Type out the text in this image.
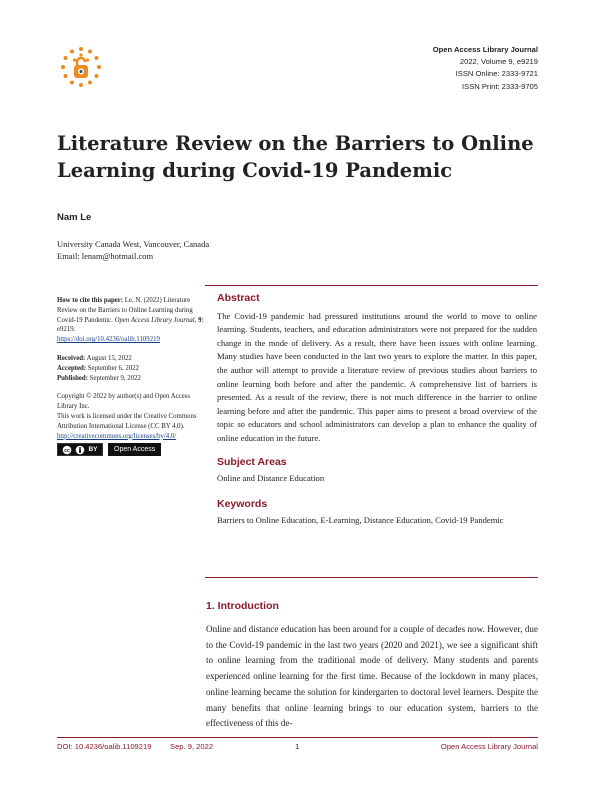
Open Access Library Journal
2022, Volume 9, e9219
ISSN Online: 2333-9721
ISSN Print: 2333-9705
Literature Review on the Barriers to Online
Learning during Covid-19 Pandemic
Nam Le
University Canada West, Vancouver, Canada
Email: lenam@hotmail.com

How to cite this paper: Le, N. (2022) Literature Review on the Barriers to Online Learning during Covid-19 Pandemic. Open Access Library Journal, 9: e9219.
https://doi.org/10.4236/oalib.1109219

Received: August 15, 2022
Accepted: September 6, 2022
Published: September 9, 2022

Copyright © 2022 by author(s) and Open Access Library Inc.
This work is licensed under the Creative Commons Attribution International License (CC BY 4.0).
http://creativecommons.org/licenses/by/4.0/

cc	BY	Open Access
Abstract
The Covid-19 pandemic had pressured institutions around the world to move to online learning. Students, teachers, and education administrators were not prepared for the sudden change in the mode of delivery. As a result, there have been issues with online learning. Many studies have been conducted in the last two years to explore the matter. In this paper, the author will attempt to provide a literature review of previous studies about barriers to online learning both before and after the pandemic. A comprehensive list of barriers is presented. As a result of the review, there is not much difference in the barrier to online learning before and after the pandemic. This paper aims to present a broad overview of the topic so educators and school administrators can develop a plan to enhance the quality of online education in the future.
Subject Areas
Online and Distance Education
Keywords
Barriers to Online Education, E-Learning, Distance Education, Covid-19 Pandemic
1. Introduction
Online and distance education has been around for a couple of decades now. However, due to the Covid-19 pandemic in the last two years (2020 and 2021), we see a significant shift to online learning from the traditional mode of delivery. Many students and parents experienced online learning for the first time. Because of the lockdown in many places, online learning became the solution for kindergarten to doctoral level learners. Despite the many benefits that online learning brings to our education system, barriers to the effectiveness of this de-
DOI: 10.4236/oalib.1109219 Sep. 9, 2022	1	Open Access Library Journal
